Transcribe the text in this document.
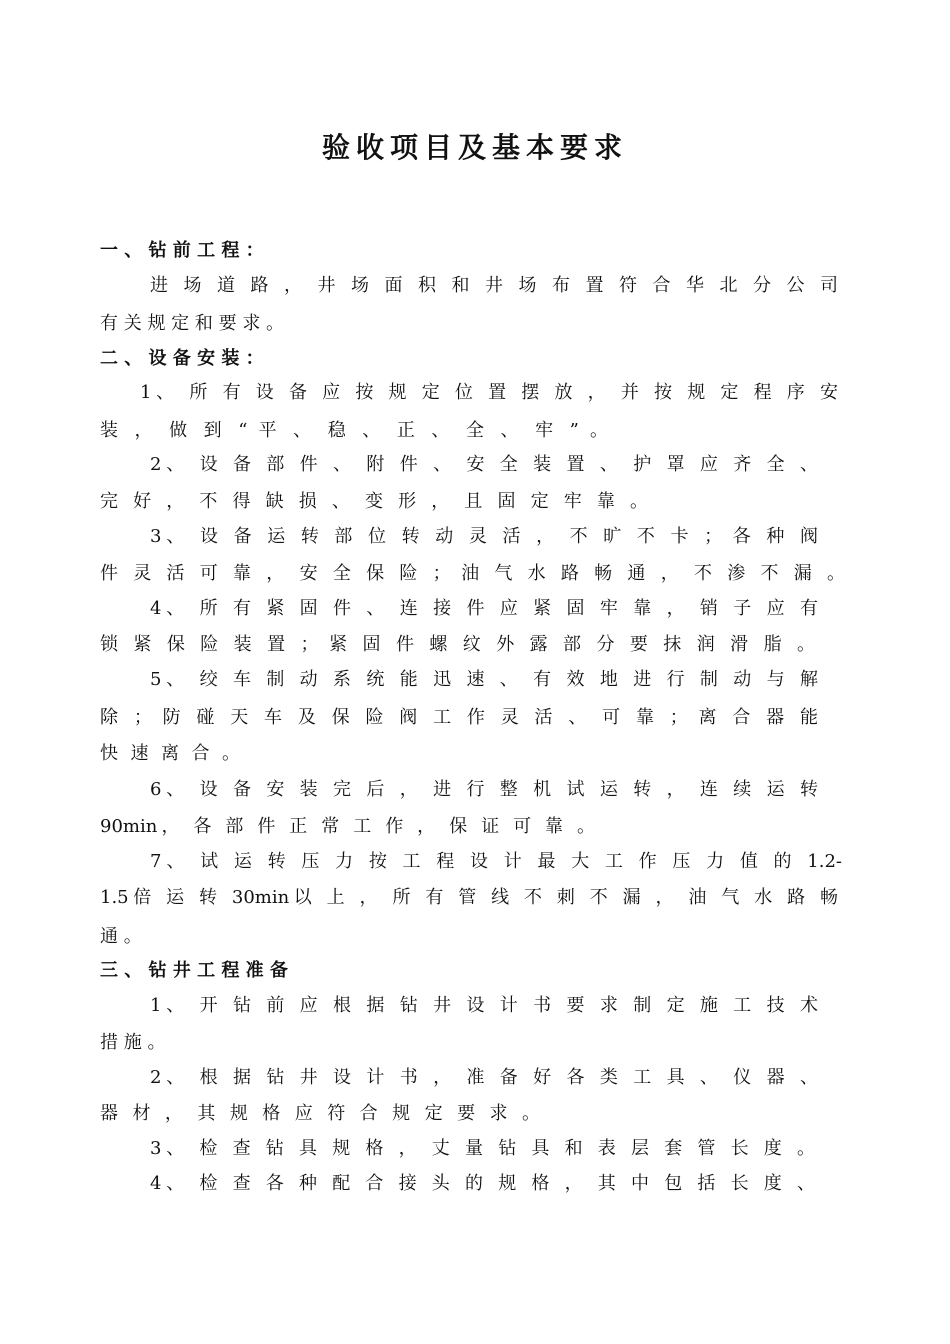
验收项目及基本要求
一 、 钻 前 工 程 ：
进 场 道 路 ， 井 场 面 积 和 井 场 布 置 符 合 华 北 分 公 司
有 关 规 定 和 要 求 。
二 、 设 备 安 装 ：
1、 所 有 设 备 应 按 规 定 位 置 摆 放 ， 并 按 规 定 程 序 安
装 ， 做 到 “ 平 、 稳 、 正 、 全 、 牢 ” 。
2、 设 备 部 件 、 附 件 、 安 全 装 置 、 护 罩 应 齐 全 、
完 好 ， 不 得 缺 损 、 变 形 ， 且 固 定 牢 靠 。
3、 设 备 运 转 部 位 转 动 灵 活 ， 不 旷 不 卡 ； 各 种 阀
件 灵 活 可 靠 ， 安 全 保 险 ； 油 气 水 路 畅 通 ， 不 渗 不 漏 。
4、 所 有 紧 固 件 、 连 接 件 应 紧 固 牢 靠 ， 销 子 应 有
锁 紧 保 险 装 置 ； 紧 固 件 螺 纹 外 露 部 分 要 抹 润 滑 脂 。
5、 绞 车 制 动 系 统 能 迅 速 、 有 效 地 进 行 制 动 与 解
除 ； 防 碰 天 车 及 保 险 阀 工 作 灵 活 、 可 靠 ； 离 合 器 能
快 速 离 合 。
6、 设 备 安 装 完 后 ， 进 行 整 机 试 运 转 ， 连 续 运 转
90min， 各 部 件 正 常 工 作 ， 保 证 可 靠 。
7、 试 运 转 压 力 按 工 程 设 计 最 大 工 作 压 力 值 的 1.2-
1.5倍 运 转 30min以 上 ， 所 有 管 线 不 刺 不 漏 ， 油 气 水 路 畅
通 。
三 、 钻 井 工 程 准 备
1、 开 钻 前 应 根 据 钻 井 设 计 书 要 求 制 定 施 工 技 术
措 施 。
2、 根 据 钻 井 设 计 书 ， 准 备 好 各 类 工 具 、 仪 器 、
器 材 ， 其 规 格 应 符 合 规 定 要 求 。
3、 检 查 钻 具 规 格 ， 丈 量 钻 具 和 表 层 套 管 长 度 。
4、 检 查 各 种 配 合 接 头 的 规 格 ， 其 中 包 括 长 度 、
